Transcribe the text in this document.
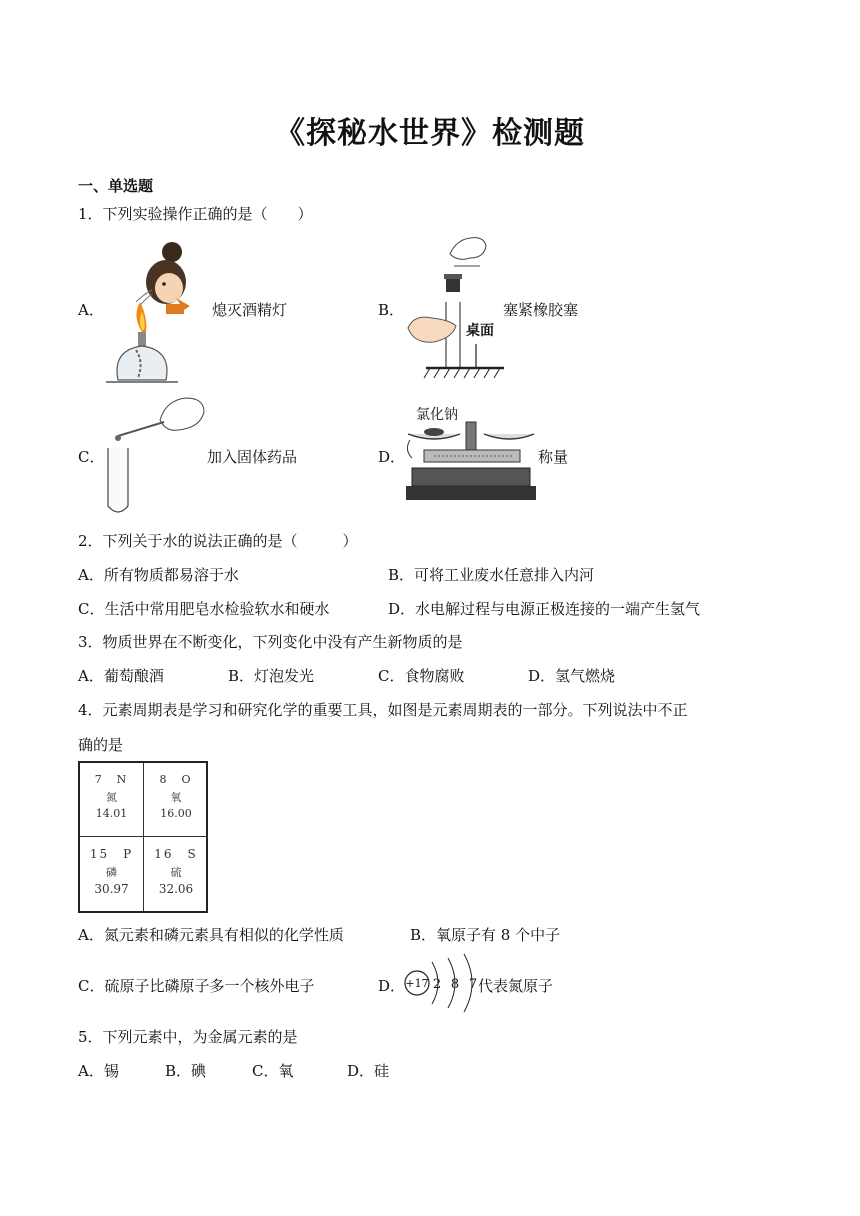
《探秘水世界》检测题
一、单选题
1．下列实验操作正确的是（　　）
A．	熄灭酒精灯	B．
桌面
塞紧橡胶塞
C．	加入固体药品	D．
氯化钠
称量
2．下列关于水的说法正确的是（　　　）
A．所有物质都易溶于水	B．可将工业废水任意排入内河
C．生活中常用肥皂水检验软水和硬水	D．水电解过程与电源正极连接的一端产生氢气
3．物质世界在不断变化，下列变化中没有产生新物质的是
A．葡萄酿酒	B．灯泡发光	C．食物腐败	D．氢气燃烧
4．元素周期表是学习和研究化学的重要工具，如图是元素周期表的一部分。下列说法中不正
确的是
7　N
氮
14.01
8　O
氧
16.00
15　P
磷
30.97
16　S
硫
32.06
A．氮元素和磷元素具有相似的化学性质	B．氧原子有 8 个中子
C．硫原子比磷原子多一个核外电子	D． +17 2 8 7 代表氮原子
5．下列元素中，为金属元素的是
A．锡	B．碘	C．氧	D．硅
